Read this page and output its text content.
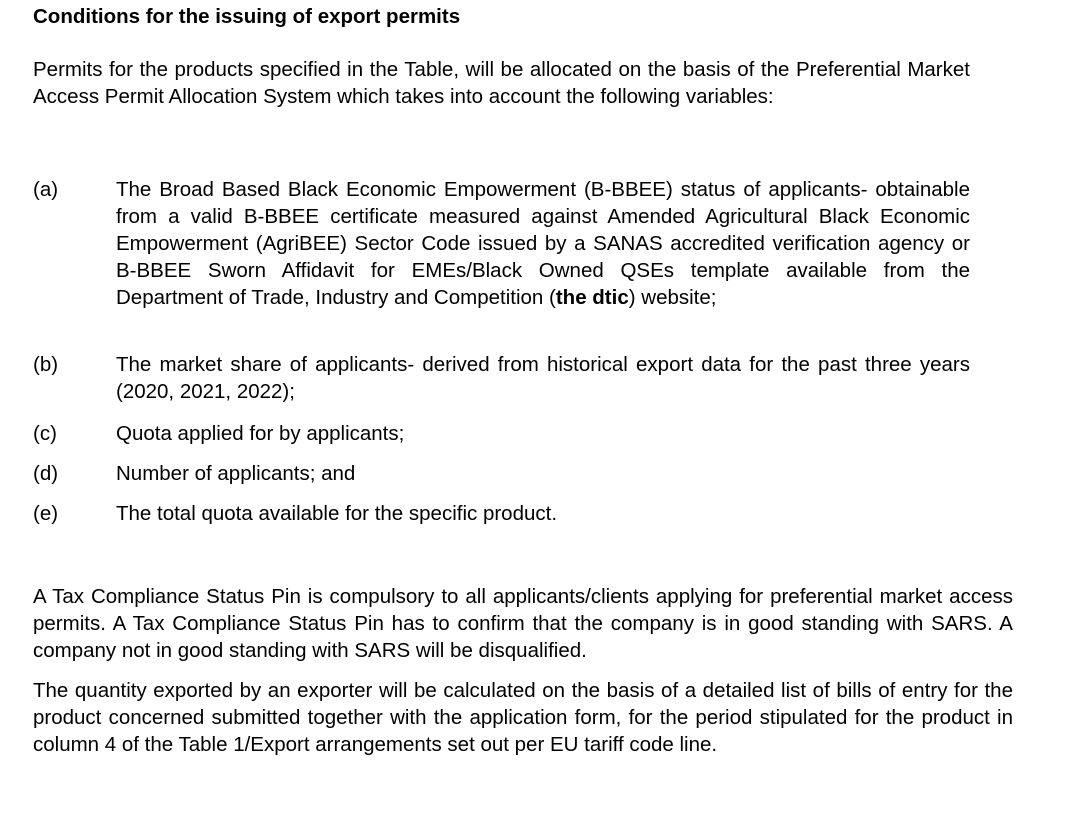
Conditions for the issuing of export permits
Permits for the products specified in the Table, will be allocated on the basis of the Preferential Market Access Permit Allocation System which takes into account the following variables:
(a)	The Broad Based Black Economic Empowerment (B-BBEE) status of applicants- obtainable from a valid B-BBEE certificate measured against Amended Agricultural Black Economic Empowerment (AgriBEE) Sector Code issued by a SANAS accredited verification agency or B-BBEE Sworn Affidavit for EMEs/Black Owned QSEs template available from the Department of Trade, Industry and Competition (the dtic) website;
(b)	The market share of applicants- derived from historical export data for the past three years (2020, 2021, 2022);
(c)	Quota applied for by applicants;
(d)	Number of applicants; and
(e)	The total quota available for the specific product.
A Tax Compliance Status Pin is compulsory to all applicants/clients applying for preferential market access permits. A Tax Compliance Status Pin has to confirm that the company is in good standing with SARS. A company not in good standing with SARS will be disqualified.
The quantity exported by an exporter will be calculated on the basis of a detailed list of bills of entry for the product concerned submitted together with the application form, for the period stipulated for the product in column 4 of the Table 1/Export arrangements set out per EU tariff code line.
